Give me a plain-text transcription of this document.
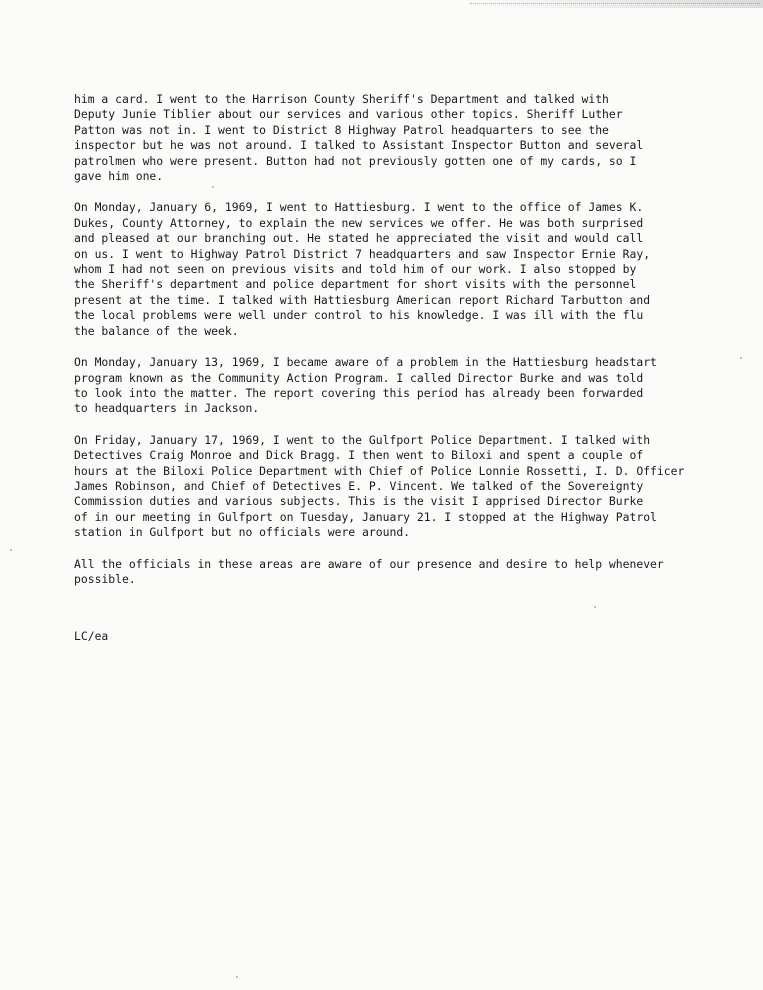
him a card. I went to the Harrison County Sheriff's Department and talked with
Deputy Junie Tiblier about our services and various other topics. Sheriff Luther
Patton was not in. I went to District 8 Highway Patrol headquarters to see the
inspector but he was not around. I talked to Assistant Inspector Button and several
patrolmen who were present. Button had not previously gotten one of my cards, so I
gave him one.
On Monday, January 6, 1969, I went to Hattiesburg. I went to the office of James K.
Dukes, County Attorney, to explain the new services we offer. He was both surprised
and pleased at our branching out. He stated he appreciated the visit and would call
on us. I went to Highway Patrol District 7 headquarters and saw Inspector Ernie Ray,
whom I had not seen on previous visits and told him of our work. I also stopped by
the Sheriff's department and police department for short visits with the personnel
present at the time. I talked with Hattiesburg American report Richard Tarbutton and
the local problems were well under control to his knowledge. I was ill with the flu
the balance of the week.
On Monday, January 13, 1969, I became aware of a problem in the Hattiesburg headstart
program known as the Community Action Program. I called Director Burke and was told
to look into the matter. The report covering this period has already been forwarded
to headquarters in Jackson.
On Friday, January 17, 1969, I went to the Gulfport Police Department. I talked with
Detectives Craig Monroe and Dick Bragg. I then went to Biloxi and spent a couple of
hours at the Biloxi Police Department with Chief of Police Lonnie Rossetti, I. D. Officer
James Robinson, and Chief of Detectives E. P. Vincent. We talked of the Sovereignty
Commission duties and various subjects. This is the visit I apprised Director Burke
of in our meeting in Gulfport on Tuesday, January 21. I stopped at the Highway Patrol
station in Gulfport but no officials were around.
All the officials in these areas are aware of our presence and desire to help whenever
possible.
LC/ea
